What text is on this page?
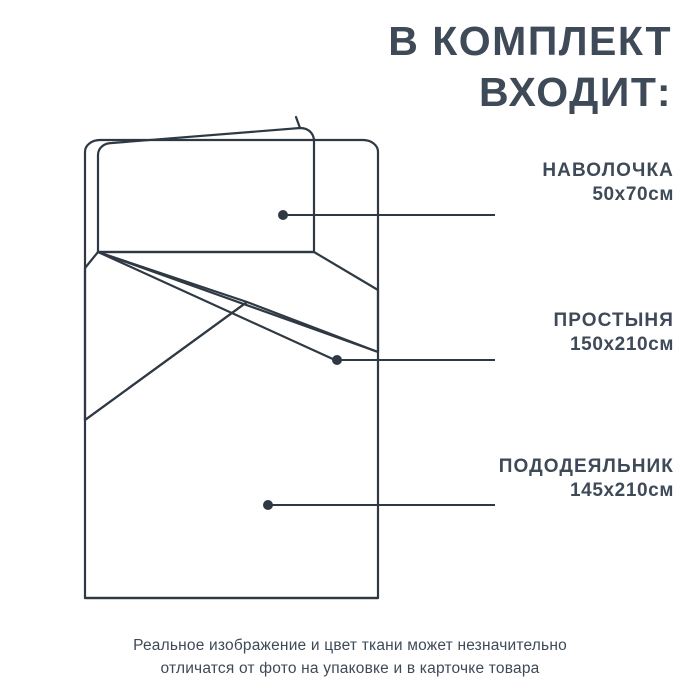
В КОМПЛЕКТ
ВХОДИТ:
НАВОЛОЧКА
50х70см
ПРОСТЫНЯ
150х210см
ПОДОДЕЯЛЬНИК
145х210см
Реальное изображение и цвет ткани может незначительно
отличатся от фото на упаковке и в карточке товара
